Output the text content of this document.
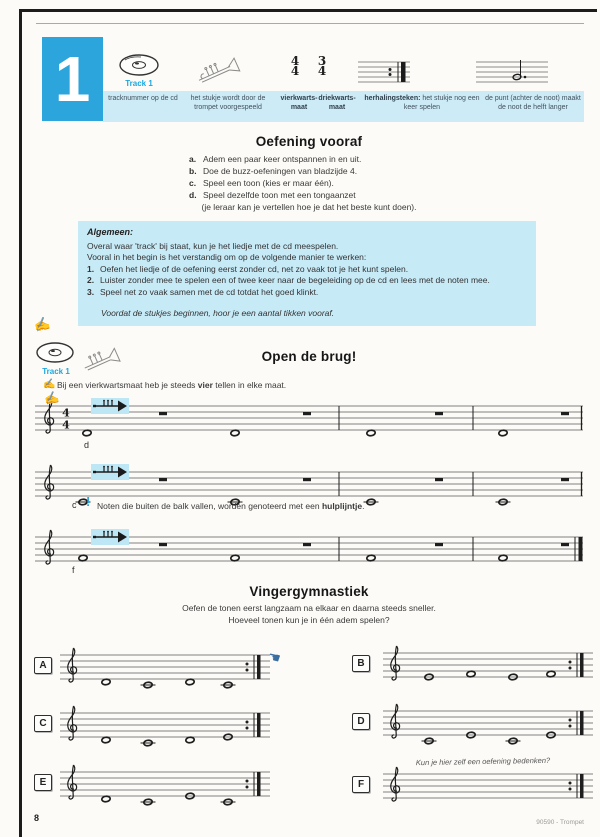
1	Track 1
4
4
3
4
tracknummer op de cd	het stukje wordt door de trompet voorgespeeld
vierkwarts- maat
driekwarts- maat
herhalingsteken: het stukje nog een keer spelen
de punt (achter de noot) maakt de noot de helft langer
Oefening vooraf
a. Adem een paar keer ontspannen in en uit.
b. Doe de buzz-oefeningen van bladzijde 4.
c. Speel een toon (kies er maar één).
d. Speel dezelfde toon met een tongaanzet
(je leraar kan je vertellen hoe je dat het beste kunt doen).
Algemeen:
Overal waar 'track' bij staat, kun je het liedje met de cd meespelen.
Vooral in het begin is het verstandig om op de volgende manier te werken:
1. Oefen het liedje of de oefening eerst zonder cd, net zo vaak tot je het kunt spelen.
2. Luister zonder mee te spelen een of twee keer naar de begeleiding op de cd en lees met de noten mee.
3. Speel net zo vaak samen met de cd totdat het goed klinkt.
Voordat de stukjes beginnen, hoor je een aantal tikken vooraf.
✍
Track 1
Open de brug!
✍ Bij een vierkwartsmaat heb je steeds vier tellen in elke maat.
✍
4
4
d
c ! Noten die buiten de balk vallen, worden genoteerd met een hulplijntje.
f
Vingergymnastiek
Oefen de tonen eerst langzaam na elkaar en daarna steeds sneller.
Hoeveel tonen kun je in één adem spelen?
A	☚	B
C	D
E
Kun je hier zelf een oefening bedenken?
F
8	90590 - Trompet
